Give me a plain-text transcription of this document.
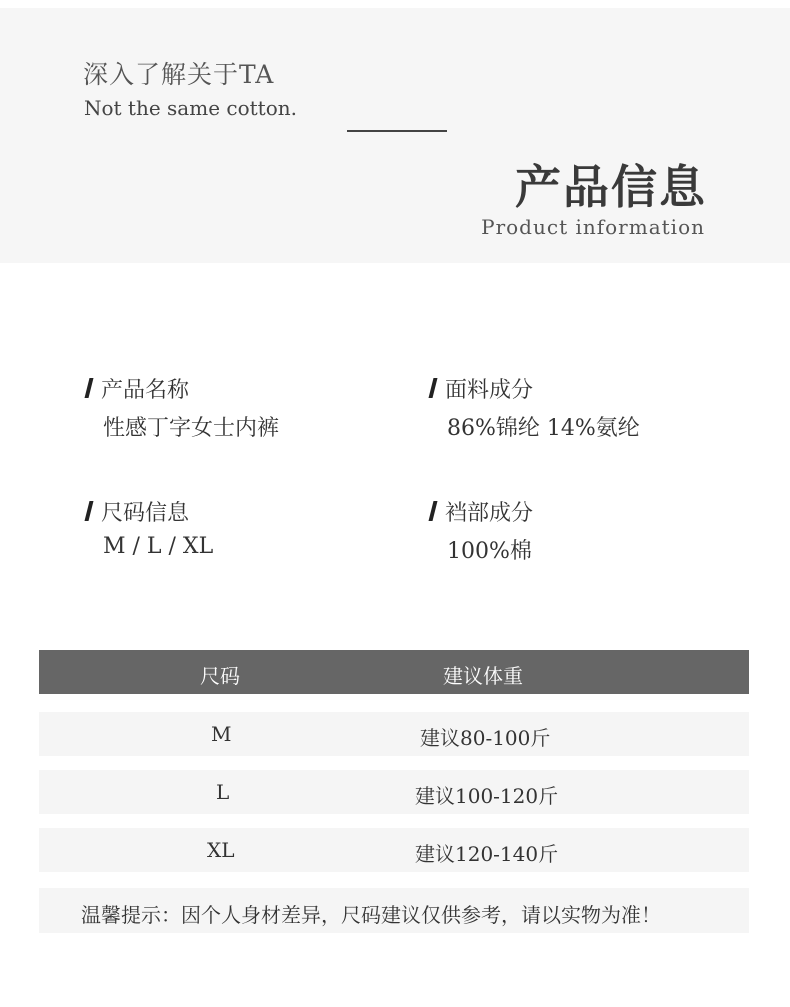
深入了解关于TA
Not the same cotton.
产品信息
Product information
产品名称
性感丁字女士内裤
面料成分
86%锦纶 14%氨纶
尺码信息
M / L / XL
裆部成分
100%棉
尺码	建议体重
M	建议80-100斤
L	建议100-120斤
XL	建议120-140斤
温馨提示：因个人身材差异，尺码建议仅供参考，请以实物为准！
